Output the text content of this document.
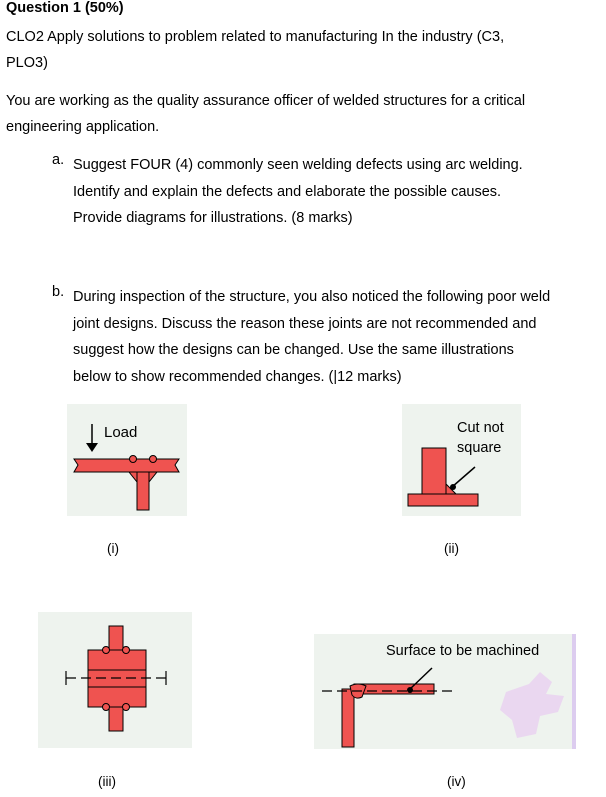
Question 1 (50%)
CLO2 Apply solutions to problem related to manufacturing In the industry (C3,
PLO3)
You are working as the quality assurance officer of welded structures for a critical
engineering application.
a. Suggest FOUR (4) commonly seen welding defects using arc welding.
Identify and explain the defects and elaborate the possible causes.
Provide diagrams for illustrations. (8 marks)
b. During inspection of the structure, you also noticed the following poor weld
joint designs. Discuss the reason these joints are not recommended and
suggest how the designs can be changed. Use the same illustrations
below to show recommended changes. (|12 marks)
Load
(i)
Cut not
square
(ii)
(iii)
Surface to be machined
(iv)
